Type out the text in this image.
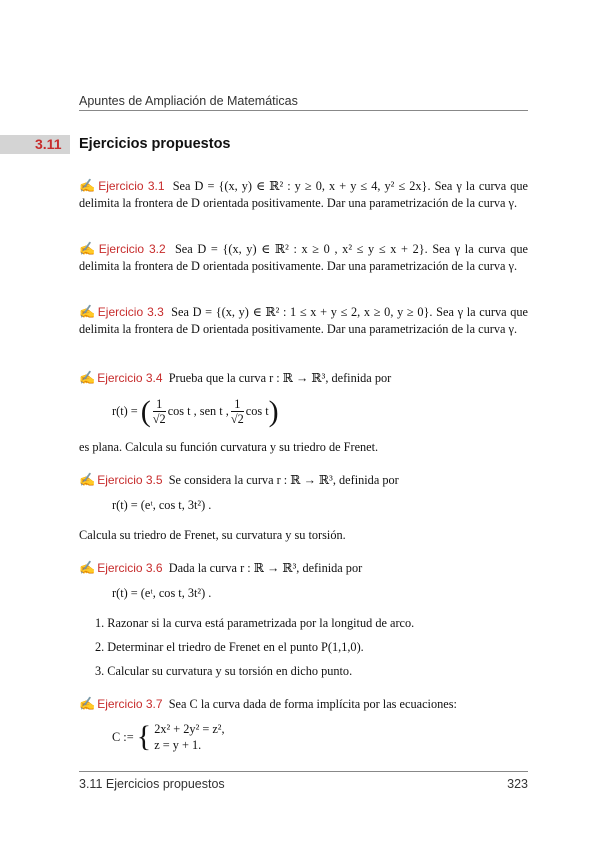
Apuntes de Ampliación de Matemáticas
3.11 Ejercicios propuestos
✍ Ejercicio 3.1 Sea D = {(x, y) ∈ ℝ² : y ≥ 0, x + y ≤ 4, y² ≤ 2x}. Sea γ la curva que delimita la frontera de D orientada positivamente. Dar una parametrización de la curva γ.
✍ Ejercicio 3.2 Sea D = {(x, y) ∈ ℝ² : x ≥ 0 , x² ≤ y ≤ x + 2}. Sea γ la curva que delimita la frontera de D orientada positivamente. Dar una parametrización de la curva γ.
✍ Ejercicio 3.3 Sea D = {(x, y) ∈ ℝ² : 1 ≤ x + y ≤ 2, x ≥ 0, y ≥ 0}. Sea γ la curva que delimita la frontera de D orientada positivamente. Dar una parametrización de la curva γ.
✍ Ejercicio 3.4 Prueba que la curva r : ℝ → ℝ³, definida por
r(t) = ( $\frac{1}{√2}$ cos t , sen t , $\frac{1}{√2}$ cos t)
es plana. Calcula su función curvatura y su triedro de Frenet.
✍ Ejercicio 3.5 Se considera la curva r : ℝ → ℝ³, definida por
r(t) = (eᵗ, cos t, 3t²) .
Calcula su triedro de Frenet, su curvatura y su torsión.
✍ Ejercicio 3.6 Dada la curva r : ℝ → ℝ³, definida por
r(t) = (eᵗ, cos t, 3t²) .
1. Razonar si la curva está parametrizada por la longitud de arco.
2. Determinar el triedro de Frenet en el punto P(1,1,0).
3. Calcular su curvatura y su torsión en dicho punto.
✍ Ejercicio 3.7 Sea C la curva dada de forma implícita por las ecuaciones:
C := { 2x² + 2y² = z²,
z = y + 1.
3.11 Ejercicios propuestos	323
